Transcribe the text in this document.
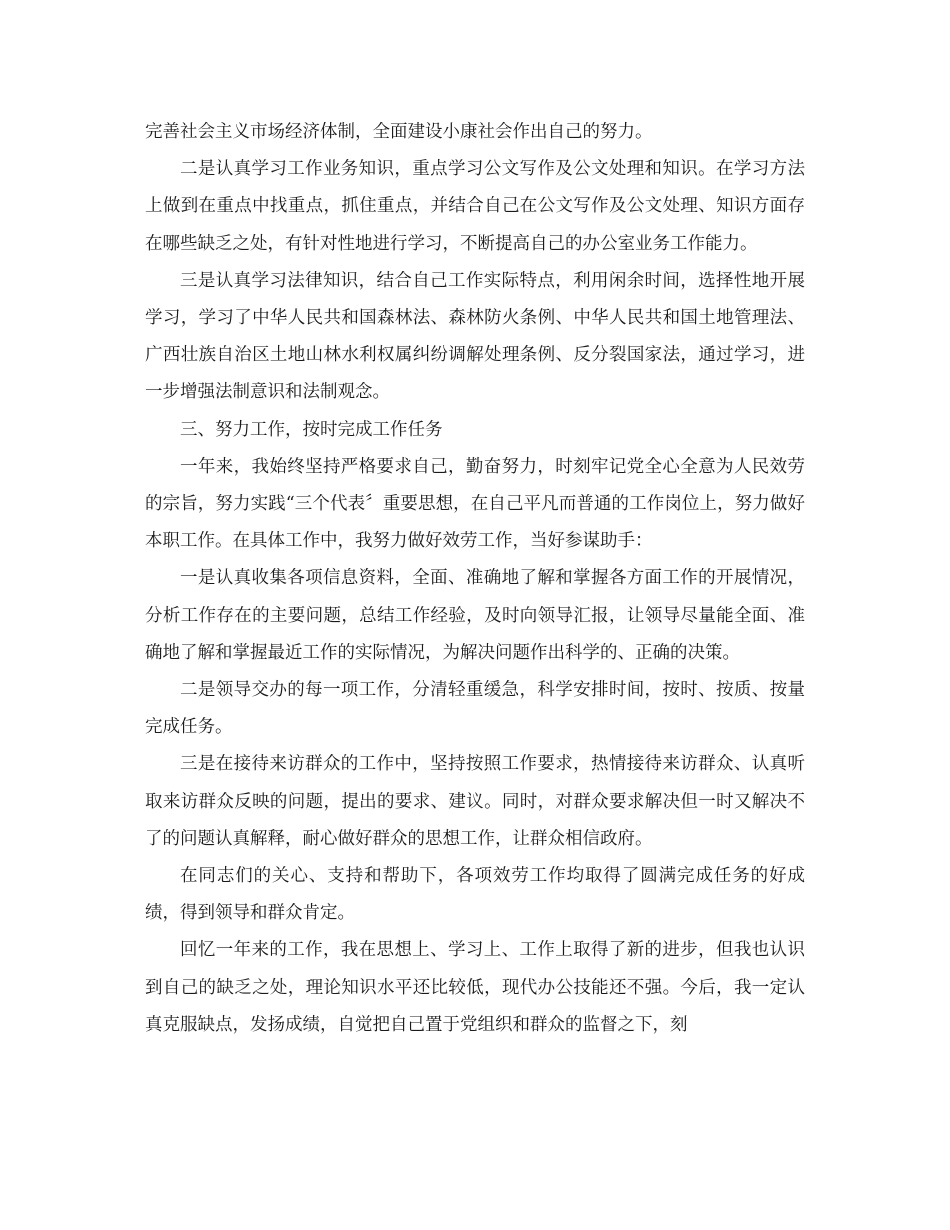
完善社会主义市场经济体制，全面建设小康社会作出自己的努力。

二是认真学习工作业务知识，重点学习公文写作及公文处理和知识。在学习方法上做到在重点中找重点，抓住重点，并结合自己在公文写作及公文处理、知识方面存在哪些缺乏之处，有针对性地进行学习，不断提高自己的办公室业务工作能力。

三是认真学习法律知识，结合自己工作实际特点，利用闲余时间，选择性地开展学习，学习了中华人民共和国森林法、森林防火条例、中华人民共和国土地管理法、广西壮族自治区土地山林水利权属纠纷调解处理条例、反分裂国家法，通过学习，进一步增强法制意识和法制观念。

三、努力工作，按时完成工作任务

一年来，我始终坚持严格要求自己，勤奋努力，时刻牢记党全心全意为人民效劳的宗旨，努力实践“三个代表〞重要思想，在自己平凡而普通的工作岗位上，努力做好本职工作。在具体工作中，我努力做好效劳工作，当好参谋助手：

一是认真收集各项信息资料，全面、准确地了解和掌握各方面工作的开展情况，分析工作存在的主要问题，总结工作经验，及时向领导汇报，让领导尽量能全面、准确地了解和掌握最近工作的实际情况，为解决问题作出科学的、正确的决策。

二是领导交办的每一项工作，分清轻重缓急，科学安排时间，按时、按质、按量完成任务。

三是在接待来访群众的工作中，坚持按照工作要求，热情接待来访群众、认真听取来访群众反映的问题，提出的要求、建议。同时，对群众要求解决但一时又解决不了的问题认真解释，耐心做好群众的思想工作，让群众相信政府。

在同志们的关心、支持和帮助下，各项效劳工作均取得了圆满完成任务的好成绩，得到领导和群众肯定。

回忆一年来的工作，我在思想上、学习上、工作上取得了新的进步，但我也认识到自己的缺乏之处，理论知识水平还比较低，现代办公技能还不强。今后，我一定认真克服缺点，发扬成绩，自觉把自己置于党组织和群众的监督之下，刻
